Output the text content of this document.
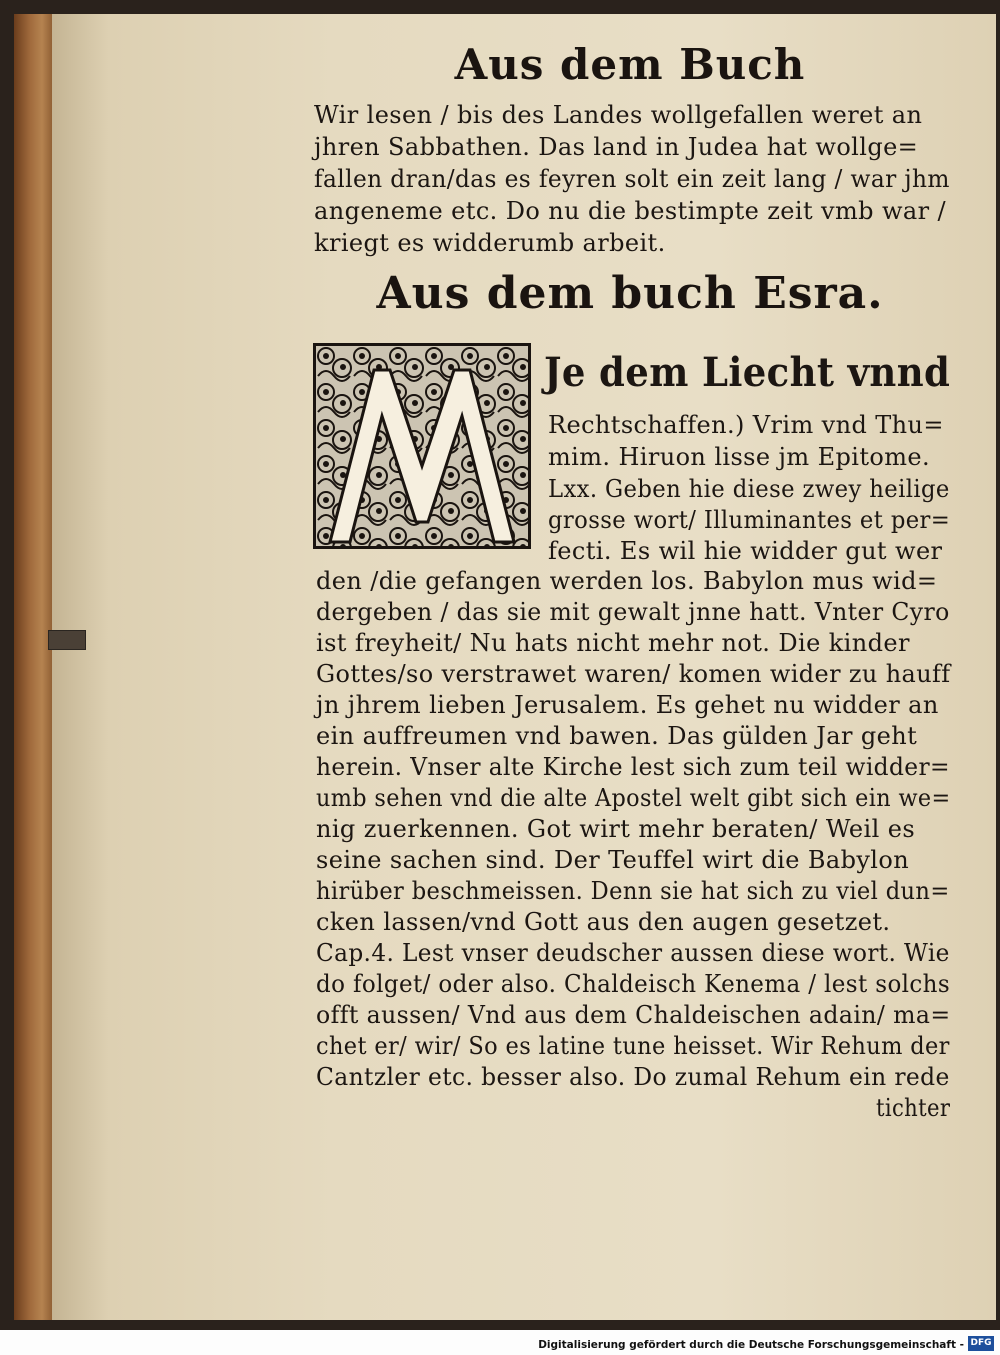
Aus dem Buch
Wir lesen / bis des Landes wollgefallen weret an
jhren Sabbathen. Das land in Judea hat wollge=
fallen dran/das es feyren solt ein zeit lang / war jhm
angeneme etc. Do nu die bestimpte zeit vmb war /
kriegt es widderumb arbeit.
Aus dem buch Esra.
M
Je dem Liecht vnnd
Rechtschaffen.) Vrim vnd Thu=
mim. Hiruon lisse jm Epitome.
Lxx. Geben hie diese zwey heilige
grosse wort/ Illuminantes et per=
fecti. Es wil hie widder gut wer
den /die gefangen werden los. Babylon mus wid=
dergeben / das sie mit gewalt jnne hatt. Vnter Cyro
ist freyheit/ Nu hats nicht mehr not. Die kinder
Gottes/so verstrawet waren/ komen wider zu hauff
jn jhrem lieben Jerusalem. Es gehet nu widder an
ein auffreumen vnd bawen. Das gülden Jar geht
herein. Vnser alte Kirche lest sich zum teil widder=
umb sehen vnd die alte Apostel welt gibt sich ein we=
nig zuerkennen. Got wirt mehr beraten/ Weil es
seine sachen sind. Der Teuffel wirt die Babylon
hirüber beschmeissen. Denn sie hat sich zu viel dun=
cken lassen/vnd Gott aus den augen gesetzet.
Cap.4. Lest vnser deudscher aussen diese wort. Wie
do folget/ oder also. Chaldeisch Kenema / lest solchs
offt aussen/ Vnd aus dem Chaldeischen adain/ ma=
chet er/ wir/ So es latine tune heisset. Wir Rehum der
Cantzler etc. besser also. Do zumal Rehum ein rede
tichter
Digitalisierung gefördert durch die Deutsche Forschungsgemeinschaft - DFG
